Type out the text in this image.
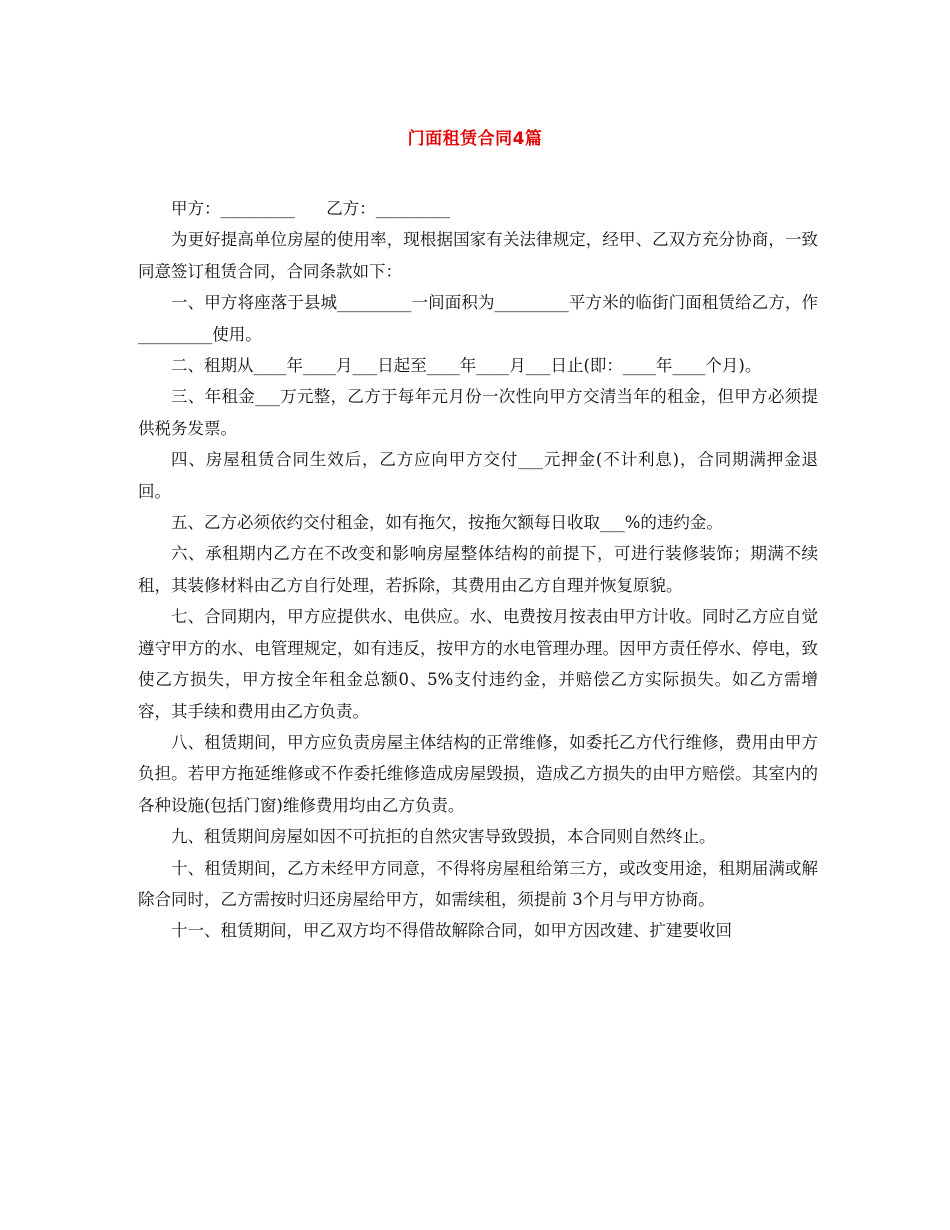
门面租赁合同4篇

甲方：_________      乙方：_________

为更好提高单位房屋的使用率，现根据国家有关法律规定，经甲、乙双方充分协商，一致同意签订租赁合同，合同条款如下：

一、甲方将座落于县城_________一间面积为_________平方米的临街门面租赁给乙方，作_________使用。

二、租期从____年____月___日起至____年____月___日止(即：____年____个月)。

三、年租金___万元整，乙方于每年元月份一次性向甲方交清当年的租金，但甲方必须提供税务发票。

四、房屋租赁合同生效后，乙方应向甲方交付___元押金(不计利息)，合同期满押金退回。

五、乙方必须依约交付租金，如有拖欠，按拖欠额每日收取___%的违约金。

六、承租期内乙方在不改变和影响房屋整体结构的前提下，可进行装修装饰；期满不续租，其装修材料由乙方自行处理，若拆除，其费用由乙方自理并恢复原貌。

七、合同期内，甲方应提供水、电供应。水、电费按月按表由甲方计收。同时乙方应自觉遵守甲方的水、电管理规定，如有违反，按甲方的水电管理办理。因甲方责任停水、停电，致使乙方损失，甲方按全年租金总额0、5%支付违约金，并赔偿乙方实际损失。如乙方需增容，其手续和费用由乙方负责。

八、租赁期间，甲方应负责房屋主体结构的正常维修，如委托乙方代行维修，费用由甲方负担。若甲方拖延维修或不作委托维修造成房屋毁损，造成乙方损失的由甲方赔偿。其室内的各种设施(包括门窗)维修费用均由乙方负责。

九、租赁期间房屋如因不可抗拒的自然灾害导致毁损，本合同则自然终止。

十、租赁期间，乙方未经甲方同意，不得将房屋租给第三方，或改变用途，租期届满或解除合同时，乙方需按时归还房屋给甲方，如需续租，须提前 3个月与甲方协商。

十一、租赁期间，甲乙双方均不得借故解除合同，如甲方因改建、扩建要收回
